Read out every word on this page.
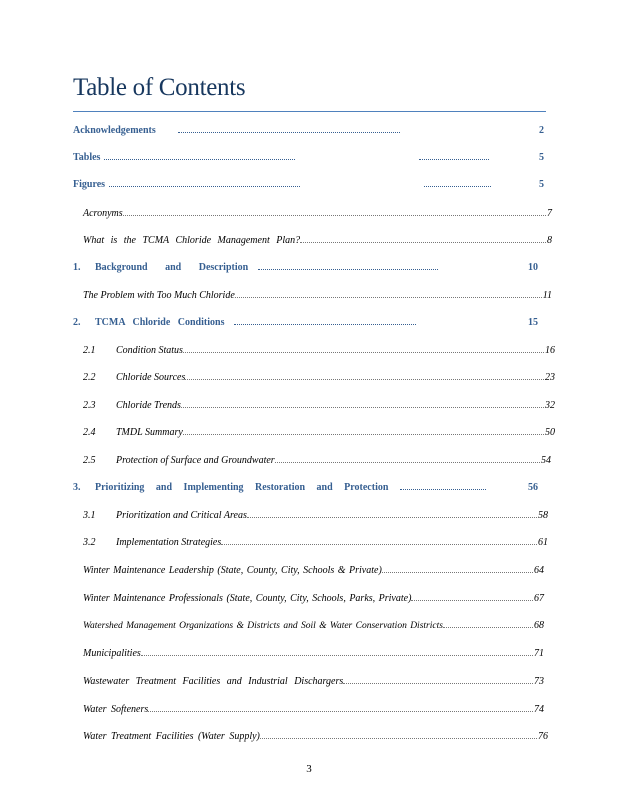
Table of Contents
Acknowledgements	2
Tables	5
Figures	5
Acronyms	7
What is the TCMA Chloride Management Plan?	8
1.	Background and Description	10
The Problem with Too Much Chloride	11
2.	TCMA Chloride Conditions	15
2.1	Condition Status	16
2.2	Chloride Sources	23
2.3	Chloride Trends	32
2.4	TMDL Summary	50
2.5	Protection of Surface and Groundwater	54
3.	Prioritizing and Implementing Restoration and Protection	56
3.1	Prioritization and Critical Areas	58
3.2	Implementation Strategies	61
Winter Maintenance Leadership (State, County, City, Schools & Private)	64
Winter Maintenance Professionals (State, County, City, Schools, Parks, Private)	67
Watershed Management Organizations & Districts and Soil & Water Conservation Districts	68
Municipalities	71
Wastewater Treatment Facilities and Industrial Dischargers	73
Water Softeners	74
Water Treatment Facilities (Water Supply)	76
3
